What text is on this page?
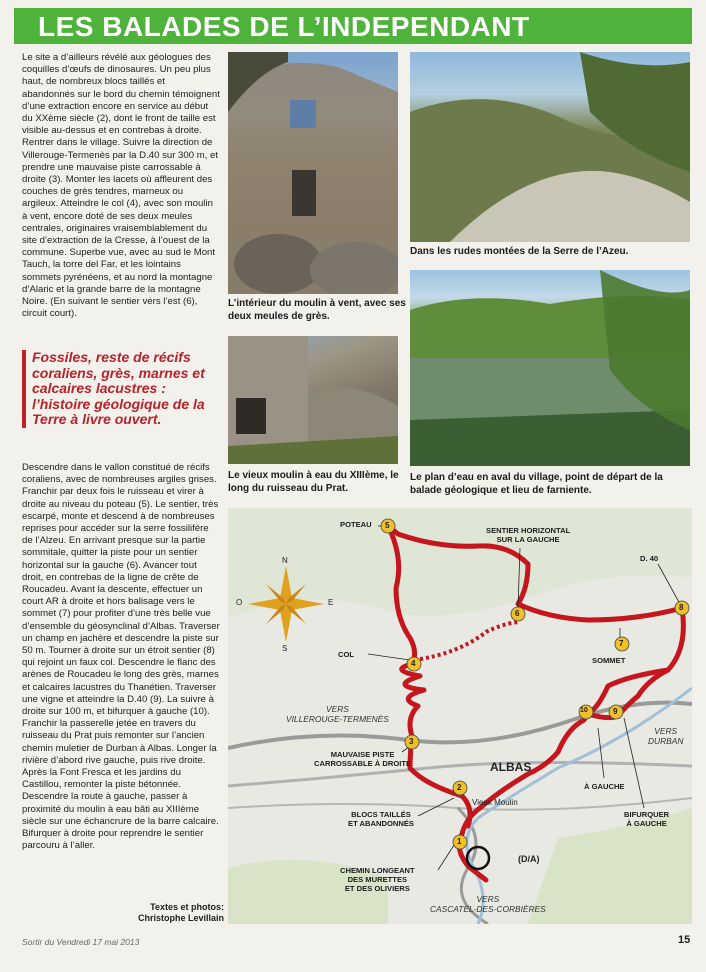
LES BALADES DE L’INDEPENDANT
Le site a d’ailleurs révélé aux géologues des coquilles d’œufs de dinosaures. Un peu plus haut, de nombreux blocs taillés et abandonnés sur le bord du chemin témoignent d’une extraction encore en service au début du XXème siècle (2), dont le front de taille est visible au-dessus et en contrebas à droite. Rentrer dans le village. Suivre la direction de Villerouge-Termenès par la D.40 sur 300 m, et prendre une mauvaise piste carrossable à droite (3). Monter les lacets où affleurent des couches de grès tendres, marneux ou argileux. Atteindre le col (4), avec son moulin à vent, encore doté de ses deux meules centrales, originaires vraisemblablement du site d’extraction de la Cresse, à l’ouest de la commune. Superbe vue, avec au sud le Mont Tauch, la torre del Far, et les lointains sommets pyrénéens, et au nord la montagne d’Alaric et la grande barre de la montagne Noire. (En suivant le sentier vers l’est (6), circuit court).

Fossiles, reste de récifs coraliens, grès, marnes et calcaires lacustres : l’histoire géologique de la Terre à livre ouvert.

Descendre dans le vallon constitué de récifs coraliens, avec de nombreuses argiles grises. Franchir par deux fois le ruisseau et virer à droite au niveau du poteau (5). Le sentier, très escarpé, monte et descend à de nombreuses reprises pour accéder sur la serre fossilifère de l’Alzeu. En arrivant presque sur la partie sommitale, quitter la piste pour un sentier horizontal sur la gauche (6). Avancer tout droit, en contrebas de la ligne de crête de Roucadeu. Avant la descente, effectuer un court AR à droite et hors balisage vers le sommet (7) pour profiter d’une très belle vue d’ensemble du géosynclinal d’Albas. Traverser un champ en jachère et descendre la piste sur 50 m. Tourner à droite sur un étroit sentier (8) qui rejoint un faux col. Descendre le flanc des arènes de Roucadeu le long des grès, marnes et calcaires lacustres du Thanétien. Traverser une vigne et atteindre la D.40 (9). La suivre à droite sur 100 m, et bifurquer à gauche (10). Franchir la passerelle jetée en travers du ruisseau du Prat puis remonter sur l’ancien chemin muletier de Durban à Albas. Longer la rivière d’abord rive gauche, puis rive droite. Après la Font Fresca et les jardins du Castillou, remonter la piste bétonnée. Descendre la route à gauche, passer à proximité du moulin à eau bâti au XIIIème siècle sur une échancrure de la barre calcaire. Bifurquer à droite pour reprendre le sentier parcouru à l’aller.
Textes et photos:
Christophe Levillain
L’intérieur du moulin à vent, avec ses deux meules de grès.
Dans les rudes montées de la Serre de l’Azeu.
Le vieux moulin à eau du XIIIème, le long du ruisseau du Prat.
Le plan d’eau en aval du village, point de départ de la balade géologique et lieu de farniente.
1
2
3
4
5
6
7
8
9
10
N
S
O	E
POTEAU
SENTIER HORIZONTAL
SUR LA GAUCHE
D. 40
SOMMET
COL
MAUVAISE PISTE
CARROSSABLE À DROITE
BLOCS TAILLÉS
ET ABANDONNÉS
À GAUCHE
BIFURQUER
À GAUCHE
CHEMIN LONGEANT
DES MURETTES
ET DES OLIVIERS
VERS
VILLEROUGE-TERMENÈS
VERS
DURBAN
VERS
CASCATEL-DES-CORBIÈRES
ALBAS
Vieux Moulin
(D/A)
Sortir du Vendredi 17 mai 2013	15
